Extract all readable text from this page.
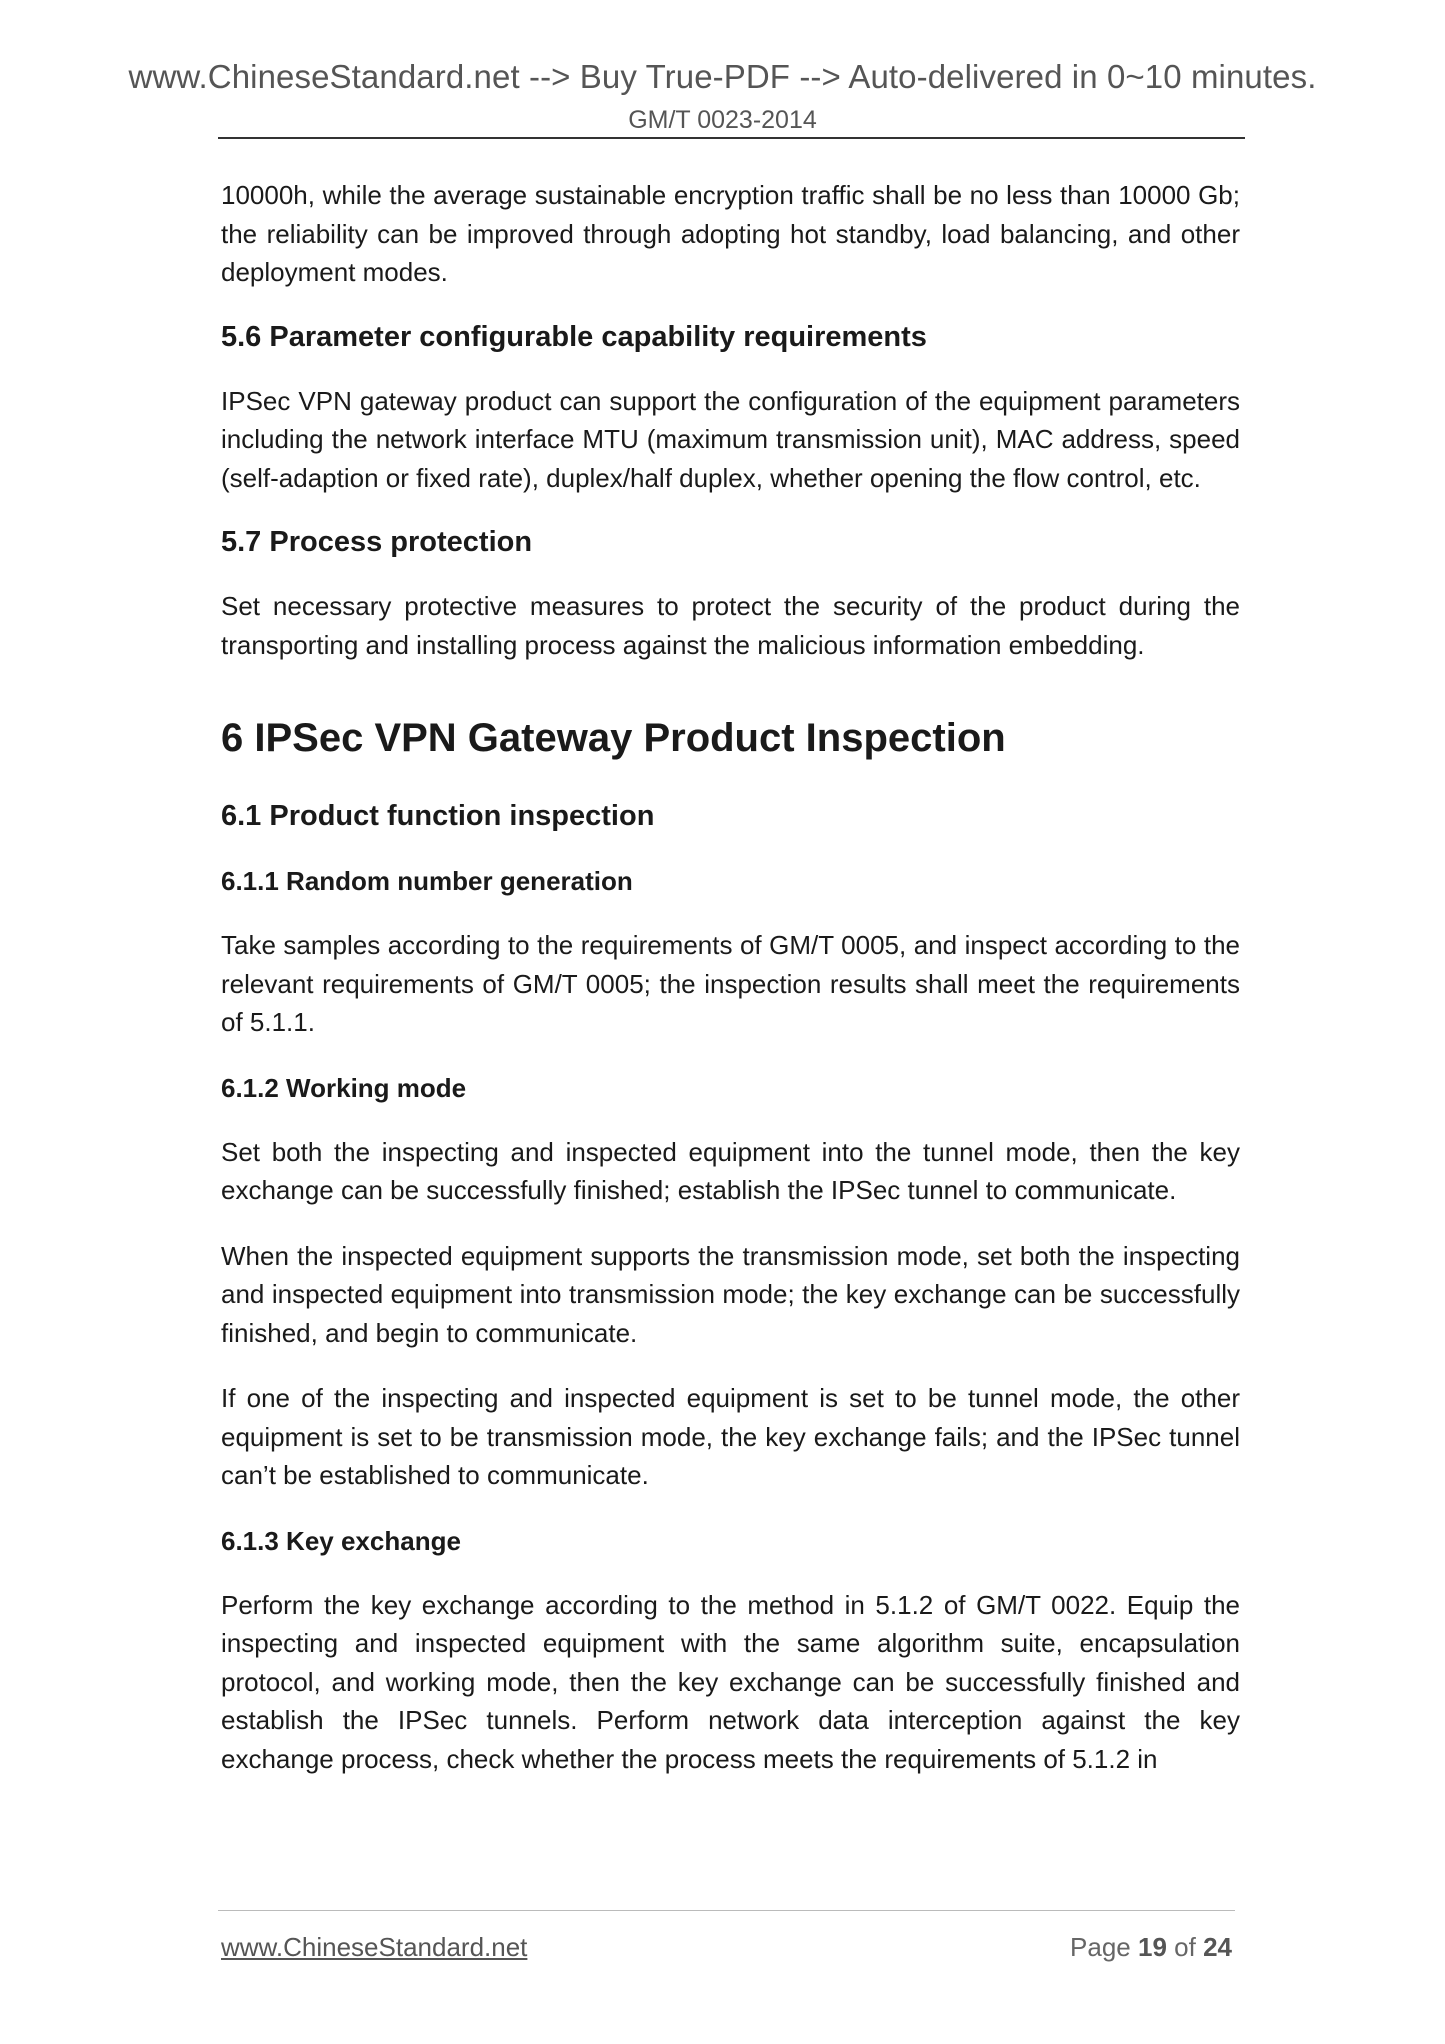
www.ChineseStandard.net --> Buy True-PDF --> Auto-delivered in 0~10 minutes.
GM/T 0023-2014

10000h, while the average sustainable encryption traffic shall be no less than 10000 Gb; the reliability can be improved through adopting hot standby, load balancing, and other deployment modes.

5.6 Parameter configurable capability requirements

IPSec VPN gateway product can support the configuration of the equipment parameters including the network interface MTU (maximum transmission unit), MAC address, speed (self-adaption or fixed rate), duplex/half duplex, whether opening the flow control, etc.

5.7 Process protection

Set necessary protective measures to protect the security of the product during the transporting and installing process against the malicious information embedding.

6 IPSec VPN Gateway Product Inspection
6.1 Product function inspection
6.1.1 Random number generation

Take samples according to the requirements of GM/T 0005, and inspect according to the relevant requirements of GM/T 0005; the inspection results shall meet the requirements of 5.1.1.

6.1.2 Working mode

Set both the inspecting and inspected equipment into the tunnel mode, then the key exchange can be successfully finished; establish the IPSec tunnel to communicate.

When the inspected equipment supports the transmission mode, set both the inspecting and inspected equipment into transmission mode; the key exchange can be successfully finished, and begin to communicate.

If one of the inspecting and inspected equipment is set to be tunnel mode, the other equipment is set to be transmission mode, the key exchange fails; and the IPSec tunnel can’t be established to communicate.

6.1.3 Key exchange

Perform the key exchange according to the method in 5.1.2 of GM/T 0022. Equip the inspecting and inspected equipment with the same algorithm suite, encapsulation protocol, and working mode, then the key exchange can be successfully finished and establish the IPSec tunnels. Perform network data interception against the key exchange process, check whether the process meets the requirements of 5.1.2 in

www.ChineseStandard.net	Page 19 of 24
